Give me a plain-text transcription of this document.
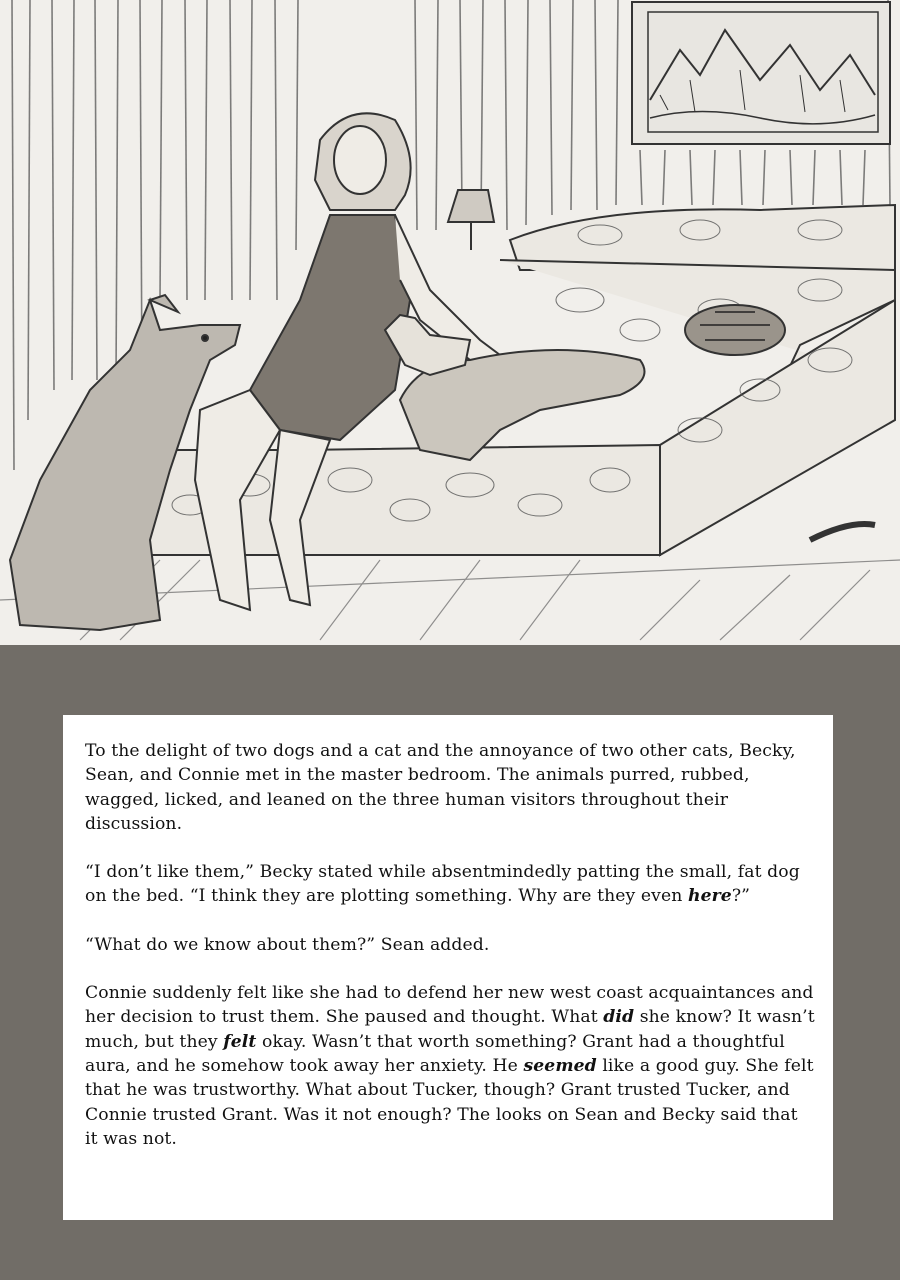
To the delight of two dogs and a cat and the annoyance of two other cats, Becky, Sean, and Connie met in the master bedroom. The animals purred, rubbed, wagged, licked, and leaned on the three human visitors throughout their discussion.

“I don’t like them,” Becky stated while absentmindedly patting the small, fat dog on the bed. “I think they are plotting something. Why are they even here?”

“What do we know about them?” Sean added.

Connie suddenly felt like she had to defend her new west coast acquaintances and her decision to trust them. She paused and thought. What did she know? It wasn’t much, but they felt okay. Wasn’t that worth something? Grant had a thoughtful aura, and he somehow took away her anxiety. He seemed like a good guy. She felt that he was trustworthy. What about Tucker, though? Grant trusted Tucker, and Connie trusted Grant. Was it not enough? The looks on Sean and Becky said that it was not.
